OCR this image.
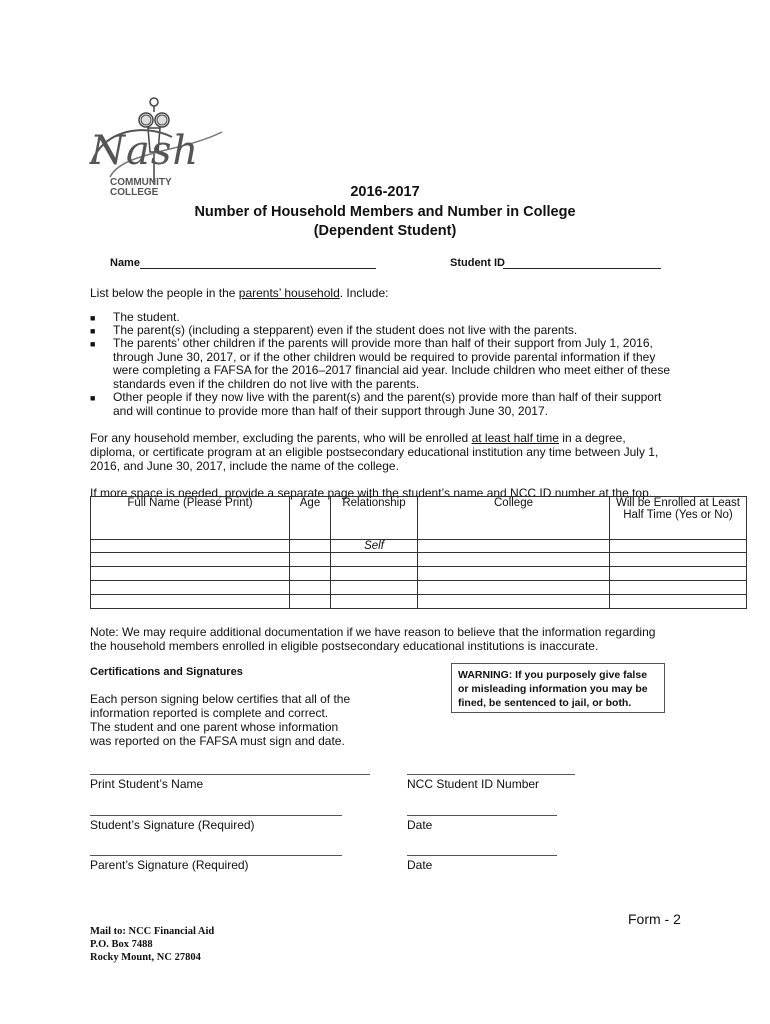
Nash
COMMUNITY
COLLEGE	2016-2017
Number of Household Members and Number in College
(Dependent Student)
Name	Student ID
List below the people in the parents’ household. Include:
■ The student.
■ The parent(s) (including a stepparent) even if the student does not live with the parents.
■ The parents’ other children if the parents will provide more than half of their support from July 1, 2016, through June 30, 2017, or if the other children would be required to provide parental information if they were completing a FAFSA for the 2016–2017 financial aid year. Include children who meet either of these standards even if the children do not live with the parents.
■ Other people if they now live with the parent(s) and the parent(s) provide more than half of their support and will continue to provide more than half of their support through June 30, 2017.
For any household member, excluding the parents, who will be enrolled at least half time in a degree, diploma, or certificate program at an eligible postsecondary educational institution any time between July 1, 2016, and June 30, 2017, include the name of the college.
If more space is needed, provide a separate page with the student’s name and NCC ID number at the top.
Full Name (Please Print)	Age	Relationship	College	Will be Enrolled at Least Half Time (Yes or No)
		Self		

Note: We may require additional documentation if we have reason to believe that the information regarding the household members enrolled in eligible postsecondary educational institutions is inaccurate.
Certifications and Signatures
Each person signing below certifies that all of the information reported is complete and correct.
The student and one parent whose information was reported on the FAFSA must sign and date.
WARNING: If you purposely give false or misleading information you may be fined, be sentenced to jail, or both.
Print Student’s Name	NCC Student ID Number
Student’s Signature (Required)	Date
Parent’s Signature (Required)	Date
Form - 2
Mail to: NCC Financial Aid
P.O. Box 7488
Rocky Mount, NC 27804
